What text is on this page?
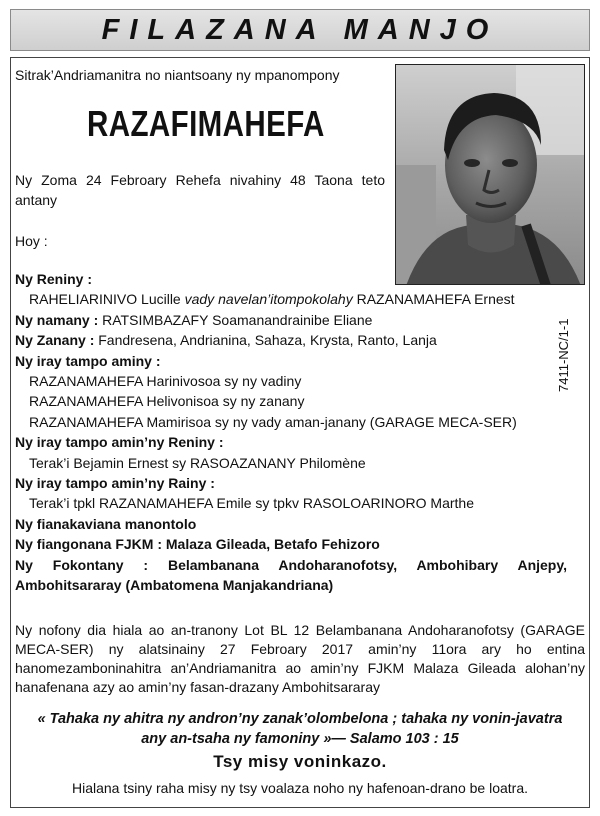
FILAZANA MANJO
Sitrak’Andriamanitra no niantsoany ny mpanompony
RAZAFIMAHEFA
Ny Zoma 24 Febroary Rehefa nivahiny 48 Taona teto antany
Hoy :
Ny Reniny :
RAHELIARINIVO Lucille vady navelan’itompokolahy RAZANAMAHEFA Ernest
Ny namany : RATSIMBAZAFY Soamanandrainibe Eliane
Ny Zanany : Fandresena, Andrianina, Sahaza, Krysta, Ranto, Lanja
Ny iray tampo aminy :
RAZANAMAHEFA Harinivosoa sy ny vadiny
RAZANAMAHEFA Helivonisoa sy ny zanany
RAZANAMAHEFA Mamirisoa sy ny vady aman-janany (GARAGE MECA-SER)
Ny iray tampo amin’ny Reniny :
Terak’i Bejamin Ernest sy RASOAZANANY Philomène
Ny iray tampo amin’ny Rainy :
Terak’i tpkl RAZANAMAHEFA Emile sy tpkv RASOLOARINORO Marthe
Ny fianakaviana manontolo
Ny fiangonana FJKM : Malaza Gileada, Betafo Fehizoro
Ny Fokontany : Belambanana Andoharanofotsy, Ambohibary Anjepy, Ambohitsararay (Ambatomena Manjakandriana)
7411-NC/1-1
Ny nofony dia hiala ao an-tranony Lot BL 12 Belambanana Andoharanofotsy (GARAGE MECA-SER) ny alatsinainy 27 Febroary 2017 amin’ny 11ora ary ho entina hanomezamboninahitra an’Andriamanitra ao amin’ny FJKM Malaza Gileada alohan’ny hanafenana azy ao amin’ny fasan-drazany Ambohitsararay
« Tahaka ny ahitra ny andron’ny zanak’olombelona ; tahaka ny vonin-javatra
any an-tsaha ny famoniny »— Salamo 103 : 15
Tsy misy voninkazo.
Hialana tsiny raha misy ny tsy voalaza noho ny hafenoan-drano be loatra.
